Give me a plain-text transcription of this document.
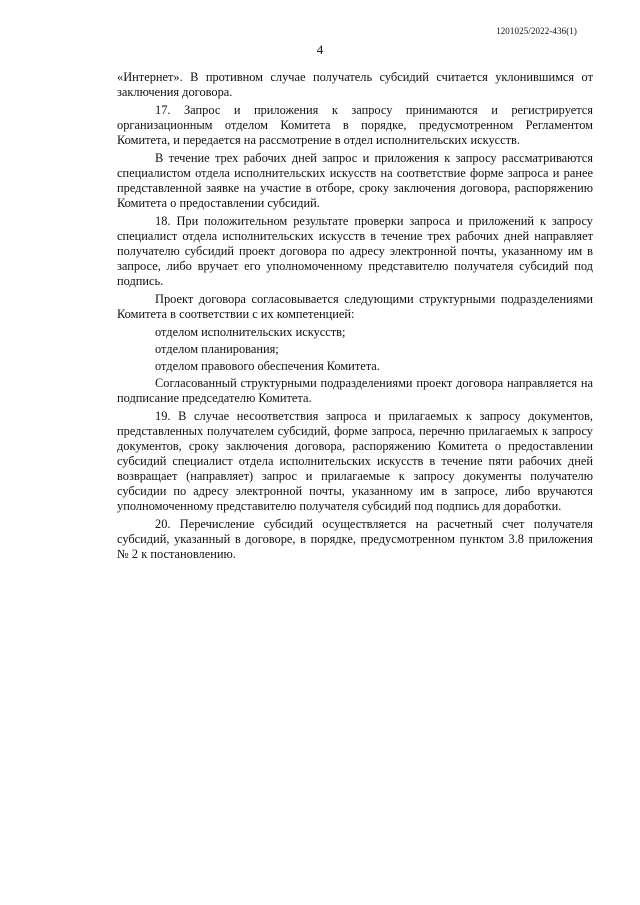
1201025/2022-436(1)
4

«Интернет». В противном случае получатель субсидий считается уклонившимся от заключения договора.

17. Запрос и приложения к запросу принимаются и регистрируется организационным отделом Комитета в порядке, предусмотренном Регламентом Комитета, и передается на рассмотрение в отдел исполнительских искусств.

В течение трех рабочих дней запрос и приложения к запросу рассматриваются специалистом отдела исполнительских искусств на соответствие форме запроса и ранее представленной заявке на участие в отборе, сроку заключения договора, распоряжению Комитета о предоставлении субсидий.

18. При положительном результате проверки запроса и приложений к запросу специалист отдела исполнительских искусств в течение трех рабочих дней направляет получателю субсидий проект договора по адресу электронной почты, указанному им в запросе, либо вручает его уполномоченному представителю получателя субсидий под подпись.

Проект договора согласовывается следующими структурными подразделениями Комитета в соответствии с их компетенцией:

отделом исполнительских искусств;

отделом планирования;

отделом правового обеспечения Комитета.

Согласованный структурными подразделениями проект договора направляется на подписание председателю Комитета.

19. В случае несоответствия запроса и прилагаемых к запросу документов, представленных получателем субсидий, форме запроса, перечню прилагаемых к запросу документов, сроку заключения договора, распоряжению Комитета о предоставлении субсидий специалист отдела исполнительских искусств в течение пяти рабочих дней возвращает (направляет) запрос и прилагаемые к запросу документы получателю субсидии по адресу электронной почты, указанному им в запросе, либо вручаются уполномоченному представителю получателя субсидий под подпись для доработки.

20. Перечисление субсидий осуществляется на расчетный счет получателя субсидий, указанный в договоре, в порядке, предусмотренном пунктом 3.8 приложения № 2 к постановлению.
